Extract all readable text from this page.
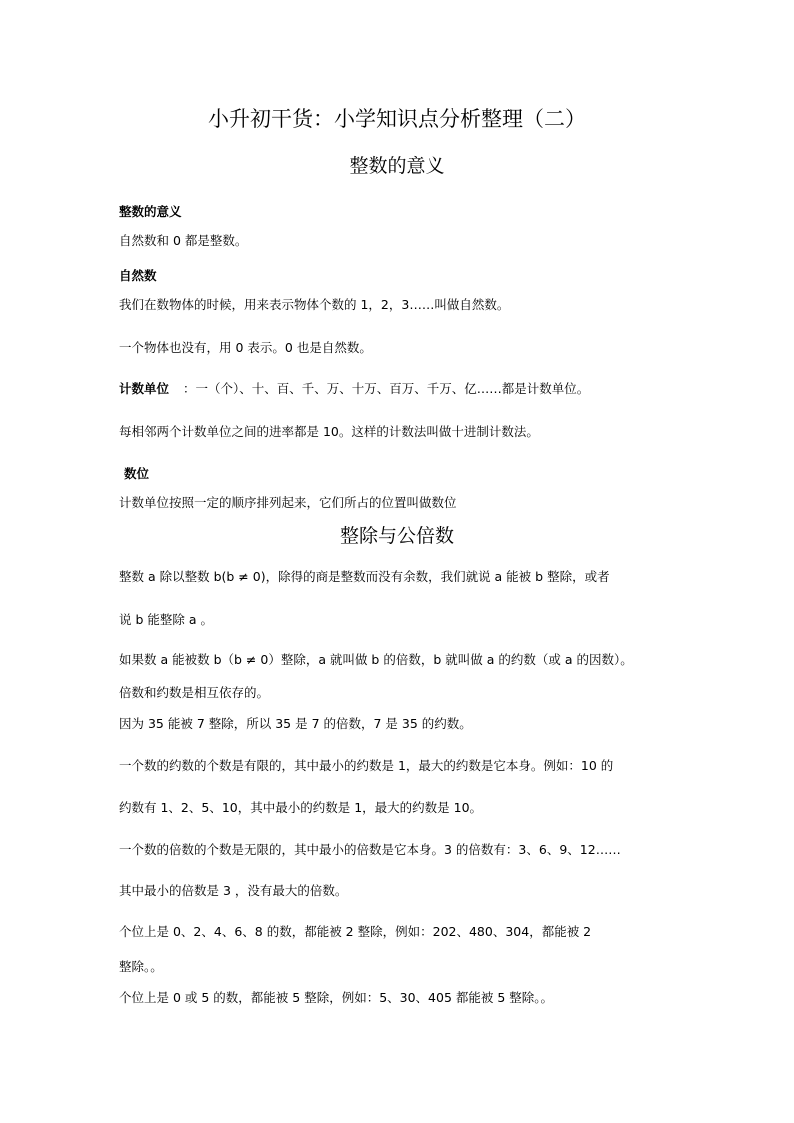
小升初干货：小学知识点分析整理（二）
整数的意义
整数的意义
自然数和 0 都是整数。
自然数
我们在数物体的时候，用来表示物体个数的 1，2，3……叫做自然数。
一个物体也没有，用 0 表示。0 也是自然数。
计数单位 ：一（个）、十、百、千、万、十万、百万、千万、亿……都是计数单位。
每相邻两个计数单位之间的进率都是 10。这样的计数法叫做十进制计数法。
数位
计数单位按照一定的顺序排列起来，它们所占的位置叫做数位
整除与公倍数
整数 a 除以整数 b(b ≠ 0)，除得的商是整数而没有余数，我们就说 a 能被 b 整除，或者
说 b 能整除 a 。
如果数 a 能被数 b（b ≠ 0）整除，a 就叫做 b 的倍数，b 就叫做 a 的约数（或 a 的因数）。
倍数和约数是相互依存的。
因为 35 能被 7 整除，所以 35 是 7 的倍数，7 是 35 的约数。
一个数的约数的个数是有限的，其中最小的约数是 1，最大的约数是它本身。例如：10 的
约数有 1、2、5、10，其中最小的约数是 1，最大的约数是 10。
一个数的倍数的个数是无限的，其中最小的倍数是它本身。3 的倍数有：3、6、9、12……
其中最小的倍数是 3 ，没有最大的倍数。
个位上是 0、2、4、6、8 的数，都能被 2 整除，例如：202、480、304，都能被 2
整除。。
个位上是 0 或 5 的数，都能被 5 整除，例如：5、30、405 都能被 5 整除。。
